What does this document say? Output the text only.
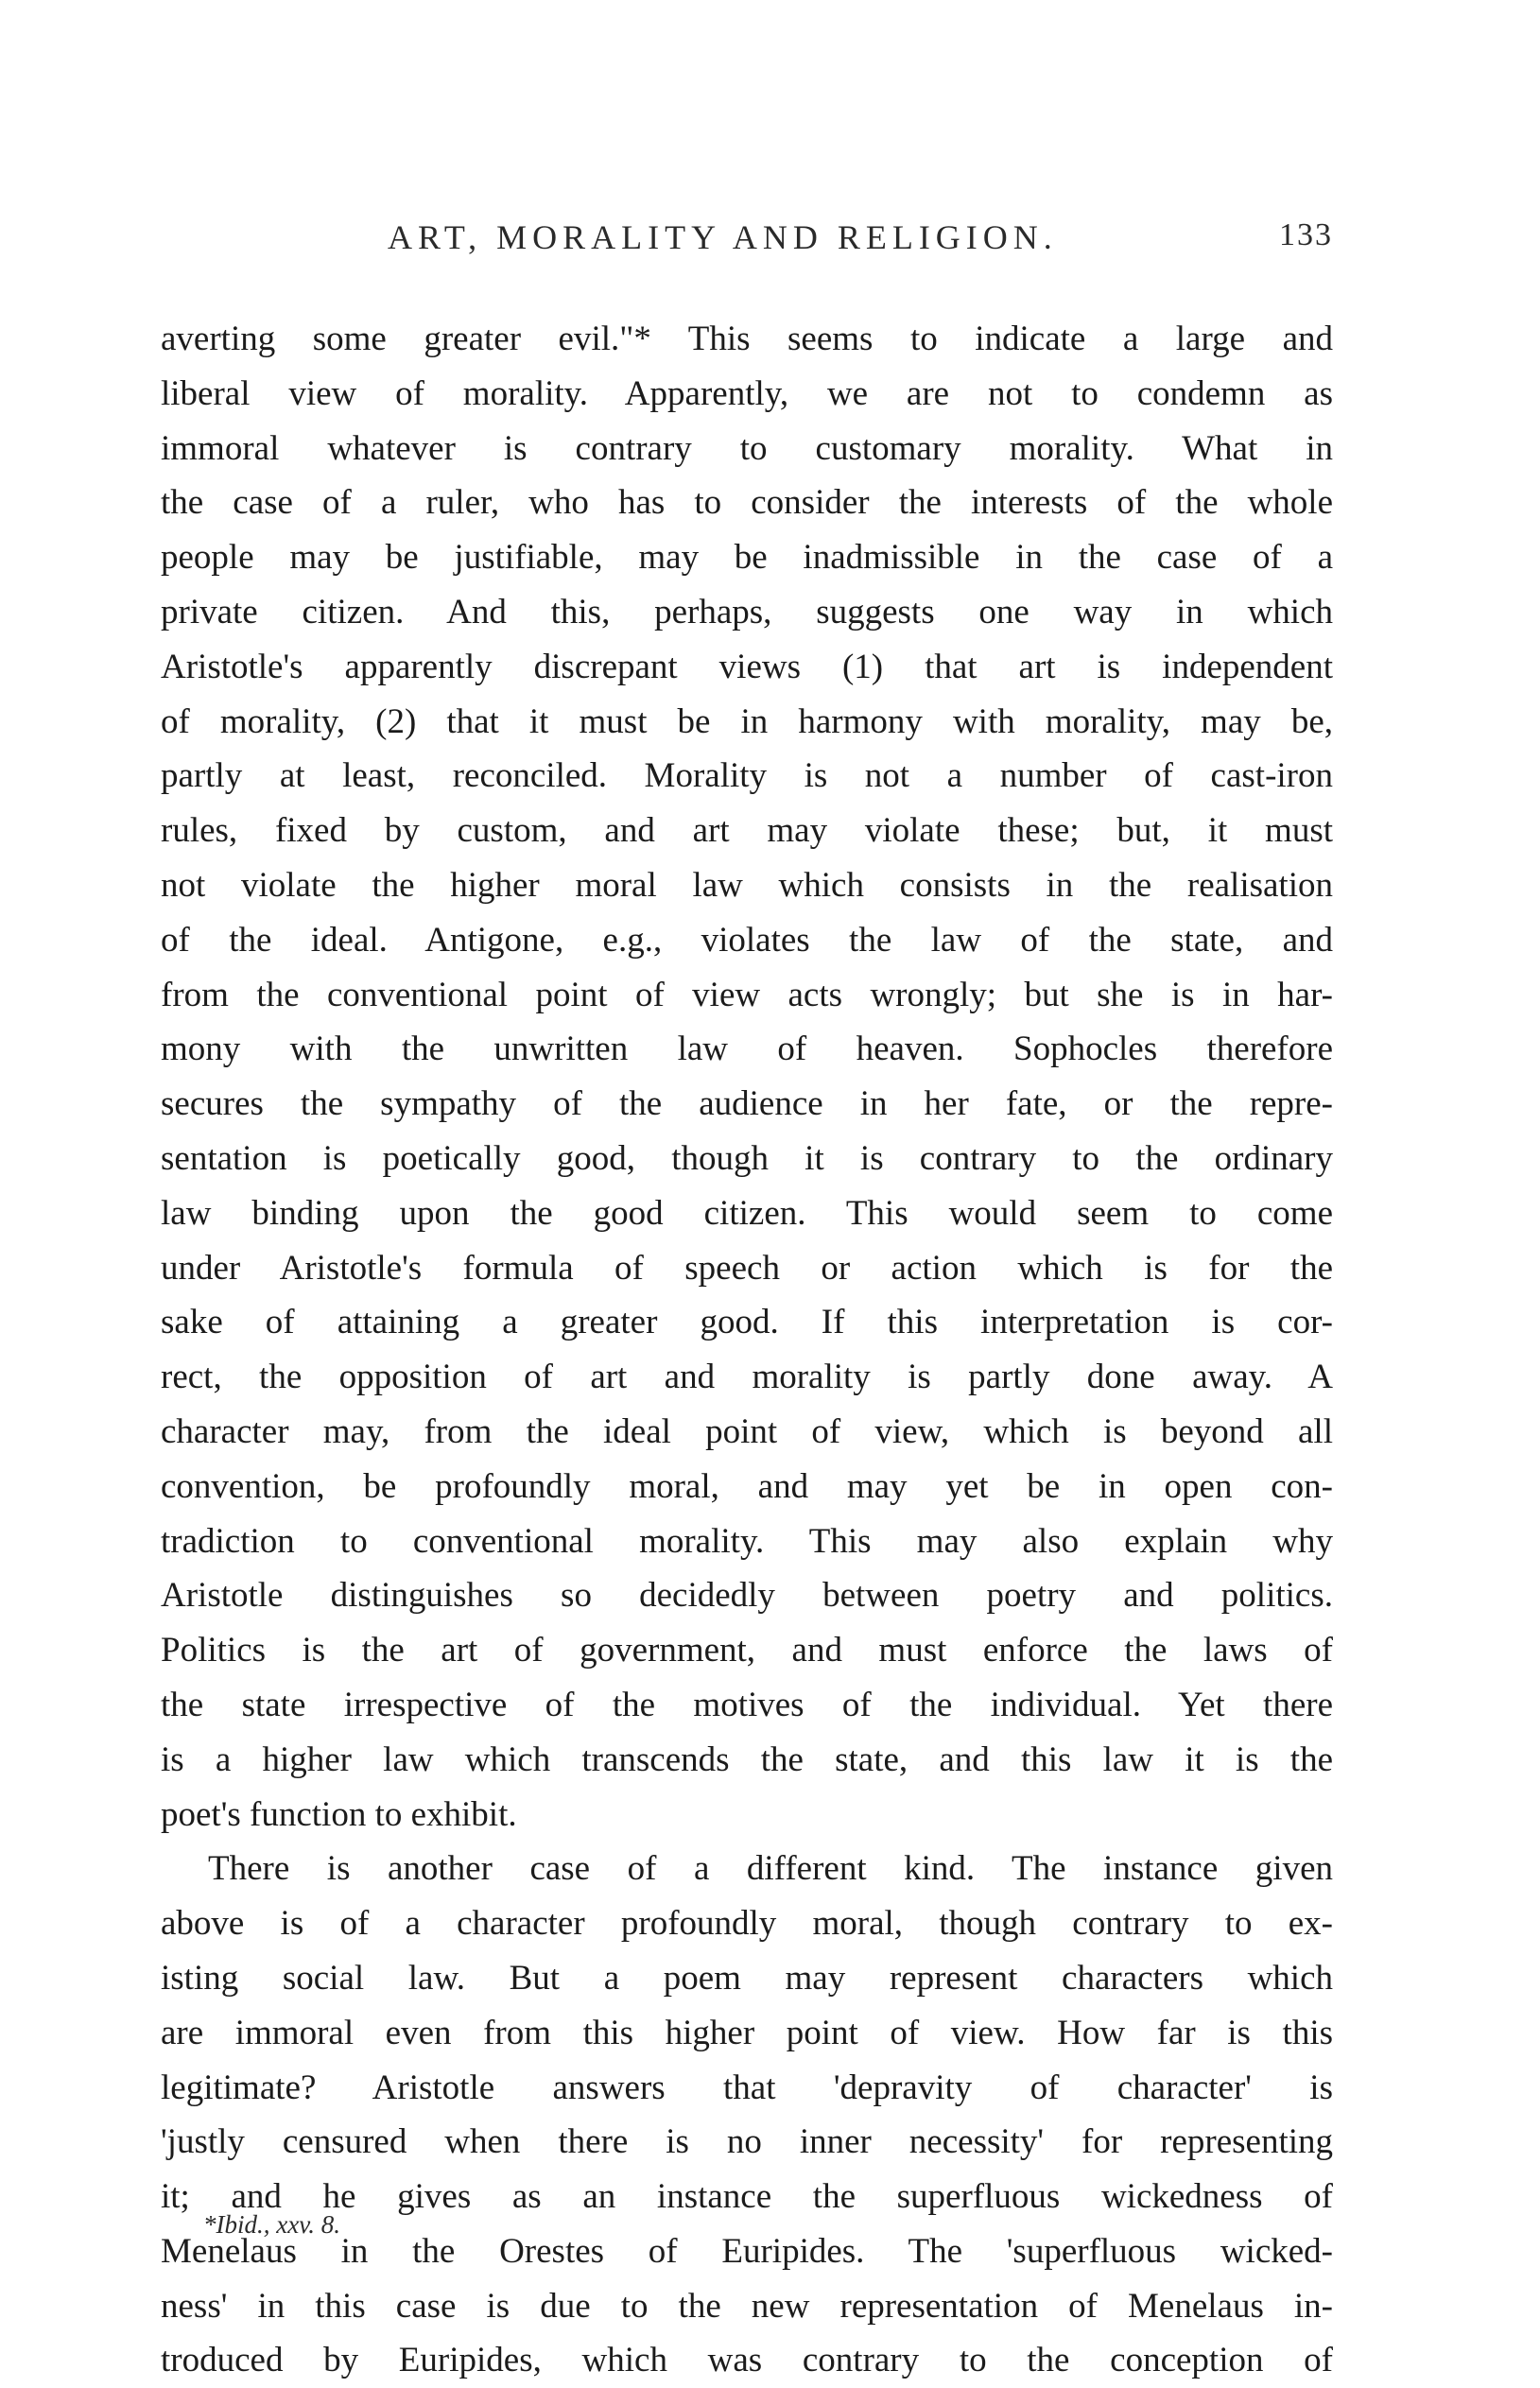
ART, MORALITY AND RELIGION.	133
averting some greater evil."* This seems to indicate a large and
liberal view of morality. Apparently, we are not to condemn as
immoral whatever is contrary to customary morality. What in
the case of a ruler, who has to consider the interests of the whole
people may be justifiable, may be inadmissible in the case of a
private citizen. And this, perhaps, suggests one way in which
Aristotle's apparently discrepant views (1) that art is independent
of morality, (2) that it must be in harmony with morality, may be,
partly at least, reconciled. Morality is not a number of cast-iron
rules, fixed by custom, and art may violate these; but, it must
not violate the higher moral law which consists in the realisation
of the ideal. Antigone, e.g., violates the law of the state, and
from the conventional point of view acts wrongly; but she is in har-
mony with the unwritten law of heaven. Sophocles therefore
secures the sympathy of the audience in her fate, or the repre-
sentation is poetically good, though it is contrary to the ordinary
law binding upon the good citizen. This would seem to come
under Aristotle's formula of speech or action which is for the
sake of attaining a greater good. If this interpretation is cor-
rect, the opposition of art and morality is partly done away. A
character may, from the ideal point of view, which is beyond all
convention, be profoundly moral, and may yet be in open con-
tradiction to conventional morality. This may also explain why
Aristotle distinguishes so decidedly between poetry and politics.
Politics is the art of government, and must enforce the laws of
the state irrespective of the motives of the individual. Yet there
is a higher law which transcends the state, and this law it is the
poet's function to exhibit.
There is another case of a different kind. The instance given
above is of a character profoundly moral, though contrary to ex-
isting social law. But a poem may represent characters which
are immoral even from this higher point of view. How far is this
legitimate? Aristotle answers that 'depravity of character' is
'justly censured when there is no inner necessity' for representing
it; and he gives as an instance the superfluous wickedness of
Menelaus in the Orestes of Euripides. The 'superfluous wicked-
ness' in this case is due to the new representation of Menelaus in-
troduced by Euripides, which was contrary to the conception of
*Ibid., xxv. 8.
